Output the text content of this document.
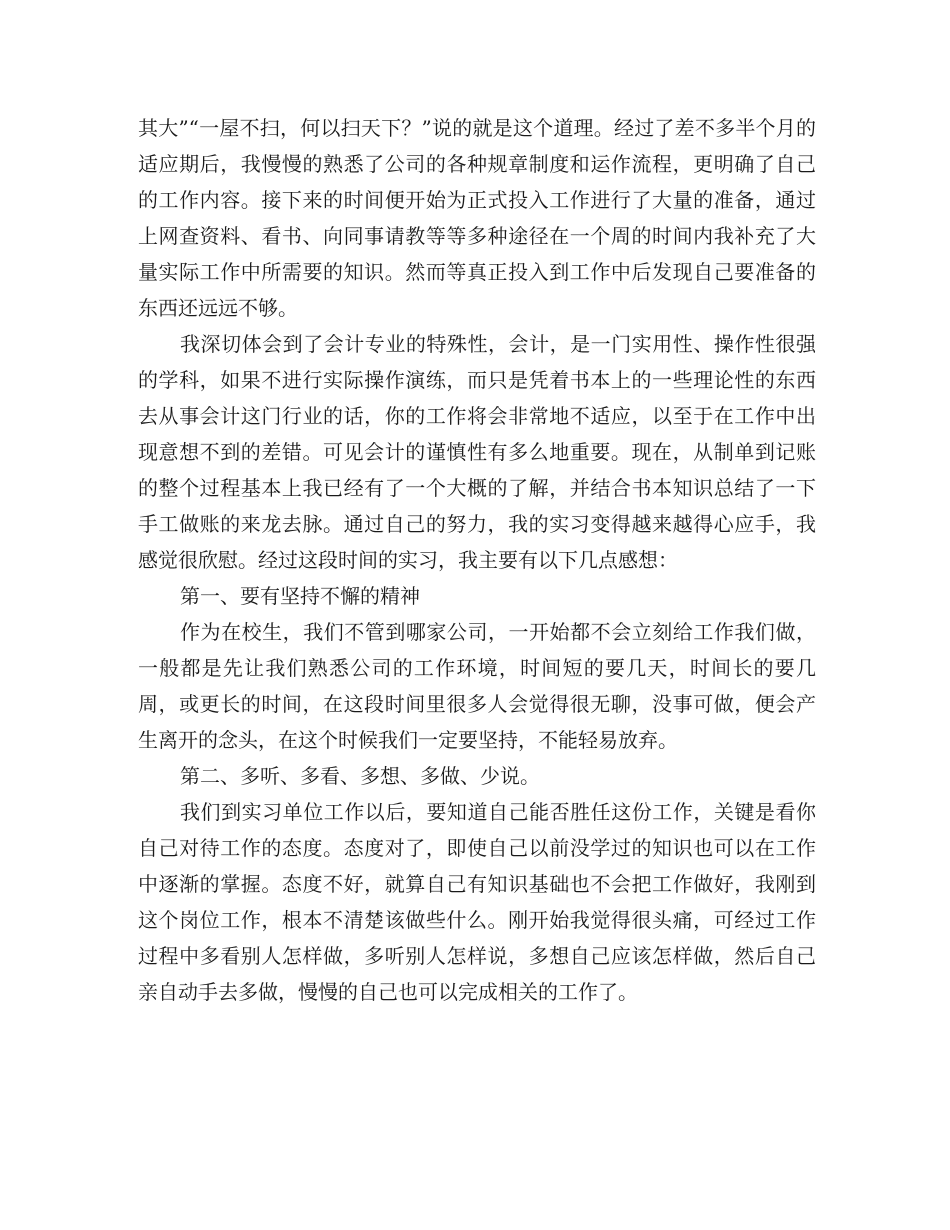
其大”“一屋不扫，何以扫天下？”说的就是这个道理。经过了差不多半个月的适应期后，我慢慢的熟悉了公司的各种规章制度和运作流程，更明确了自己的工作内容。接下来的时间便开始为正式投入工作进行了大量的准备，通过上网查资料、看书、向同事请教等等多种途径在一个周的时间内我补充了大量实际工作中所需要的知识。然而等真正投入到工作中后发现自己要准备的东西还远远不够。

我深切体会到了会计专业的特殊性，会计，是一门实用性、操作性很强的学科，如果不进行实际操作演练，而只是凭着书本上的一些理论性的东西去从事会计这门行业的话，你的工作将会非常地不适应，以至于在工作中出现意想不到的差错。可见会计的谨慎性有多么地重要。现在，从制单到记账的整个过程基本上我已经有了一个大概的了解，并结合书本知识总结了一下手工做账的来龙去脉。通过自己的努力，我的实习变得越来越得心应手，我感觉很欣慰。经过这段时间的实习，我主要有以下几点感想：

第一、要有坚持不懈的精神

作为在校生，我们不管到哪家公司，一开始都不会立刻给工作我们做，一般都是先让我们熟悉公司的工作环境，时间短的要几天，时间长的要几周，或更长的时间，在这段时间里很多人会觉得很无聊，没事可做，便会产生离开的念头，在这个时候我们一定要坚持，不能轻易放弃。

第二、多听、多看、多想、多做、少说。

我们到实习单位工作以后，要知道自己能否胜任这份工作，关键是看你自己对待工作的态度。态度对了，即使自己以前没学过的知识也可以在工作中逐渐的掌握。态度不好，就算自己有知识基础也不会把工作做好，我刚到这个岗位工作，根本不清楚该做些什么。刚开始我觉得很头痛，可经过工作过程中多看别人怎样做，多听别人怎样说，多想自己应该怎样做，然后自己亲自动手去多做，慢慢的自己也可以完成相关的工作了。
